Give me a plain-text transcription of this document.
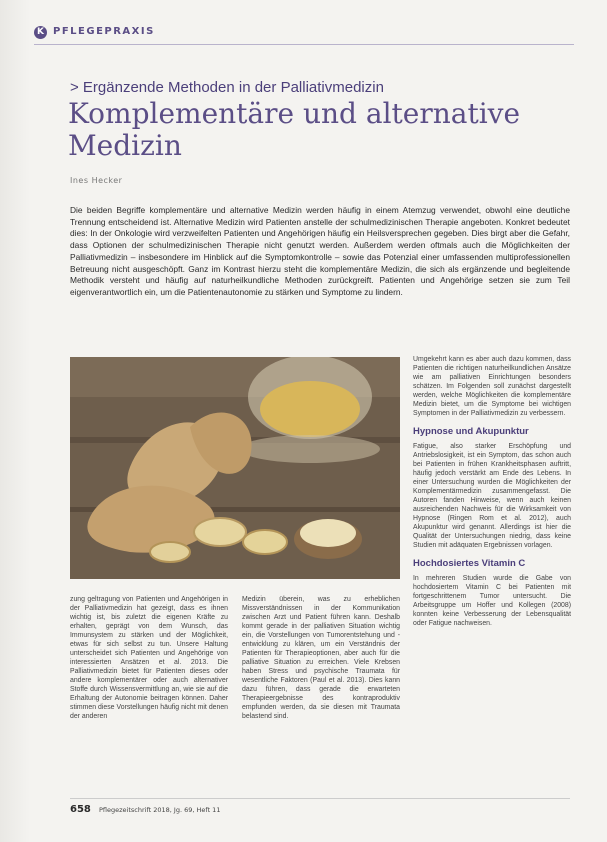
K PFLEGEPRAXIS
> Ergänzende Methoden in der Palliativmedizin
Komplementäre und alternative Medizin
Ines Hecker

Die beiden Begriffe komplementäre und alternative Medizin werden häufig in einem Atemzug verwendet, obwohl eine deutliche Trennung entscheidend ist. Alternative Medizin wird Patienten anstelle der schulmedizinischen Therapie angeboten. Konkret bedeutet dies: In der Onkologie wird verzweifelten Patienten und Angehörigen häufig ein Heilsversprechen gegeben. Dies birgt aber die Gefahr, dass Optionen der schulmedizinischen Therapie nicht genutzt werden. Außerdem werden oftmals auch die Möglichkeiten der Palliativmedizin – insbesondere im Hinblick auf die Symptomkontrolle – sowie das Potenzial einer umfassenden multiprofessionellen Betreuung nicht ausgeschöpft. Ganz im Kontrast hierzu steht die komplementäre Medizin, die sich als ergänzende und begleitende Methodik versteht und häufig auf naturheilkundliche Methoden zurückgreift. Patienten und Angehörige setzen sie zum Teil eigenverantwortlich ein, um die Patientenautonomie zu stärken und Symptome zu lindern.

zung geltragung von Patienten und Angehörigen in der Palliativmedizin hat gezeigt, dass es ihnen wichtig ist, bis zuletzt die eigenen Kräfte zu erhalten, geprägt von dem Wunsch, das Immunsystem zu stärken und der Möglichkeit, etwas für sich selbst zu tun. Unsere Haltung unterscheidet sich Patienten und Angehörige von interessierten Ansätzen et al. 2013. Die Palliativmedizin bietet für Patienten dieses oder andere komplementärer oder auch alternativer Stoffe durch Wissensvermittlung an, wie sie auf die Erhaltung der Autonomie beitragen können. Daher stimmen diese Vorstellungen häufig nicht mit denen der anderen

Medizin überein, was zu erheblichen Missverständnissen in der Kommunikation zwischen Arzt und Patient führen kann. Deshalb kommt gerade in der palliativen Situation wichtig ein, die Vorstellungen von Tumorentstehung und -entwicklung zu klären, um ein Verständnis der Patienten für Therapieoptionen, aber auch für die palliative Situation zu erreichen. Viele Krebsen haben Stress und psychische Traumata für wesentliche Faktoren (Paul et al. 2013). Dies kann dazu führen, dass gerade die erwarteten Therapieergebnisse des kontraproduktiv empfunden werden, da sie diesen mit Traumata belastend sind.

Umgekehrt kann es aber auch dazu kommen, dass Patienten die richtigen naturheilkundlichen Ansätze wie am palliativen Einrichtungen besonders schätzen. Im Folgenden soll zunächst dargestellt werden, welche Möglichkeiten die komplementäre Medizin bietet, um die Symptome bei wichtigen Symptomen in der Palliativmedizin zu verbessern.

Hypnose und Akupunktur

Fatigue, also starker Erschöpfung und Antriebslosigkeit, ist ein Symptom, das schon auch bei Patienten in frühen Krankheitsphasen auftritt, häufig jedoch verstärkt am Ende des Lebens. In einer Untersuchung wurden die Möglichkeiten der Komplementärmedizin zusammengefasst. Die Autoren fanden Hinweise, wenn auch keinen ausreichenden Nachweis für die Wirksamkeit von Hypnose (Ringen Rom et al. 2012), auch Akupunktur wird genannt. Allerdings ist hier die Qualität der Untersuchungen niedrig, dass keine Studien mit adäquaten Ergebnissen vorlagen.

Hochdosiertes Vitamin C

In mehreren Studien wurde die Gabe von hochdosiertem Vitamin C bei Patienten mit fortgeschrittenem Tumor untersucht. Die Arbeitsgruppe um Hoffer und Kollegen (2008) konnten keine Verbesserung der Lebensqualität oder Fatigue nachweisen.

658 Pflegezeitschrift 2018, Jg. 69, Heft 11
